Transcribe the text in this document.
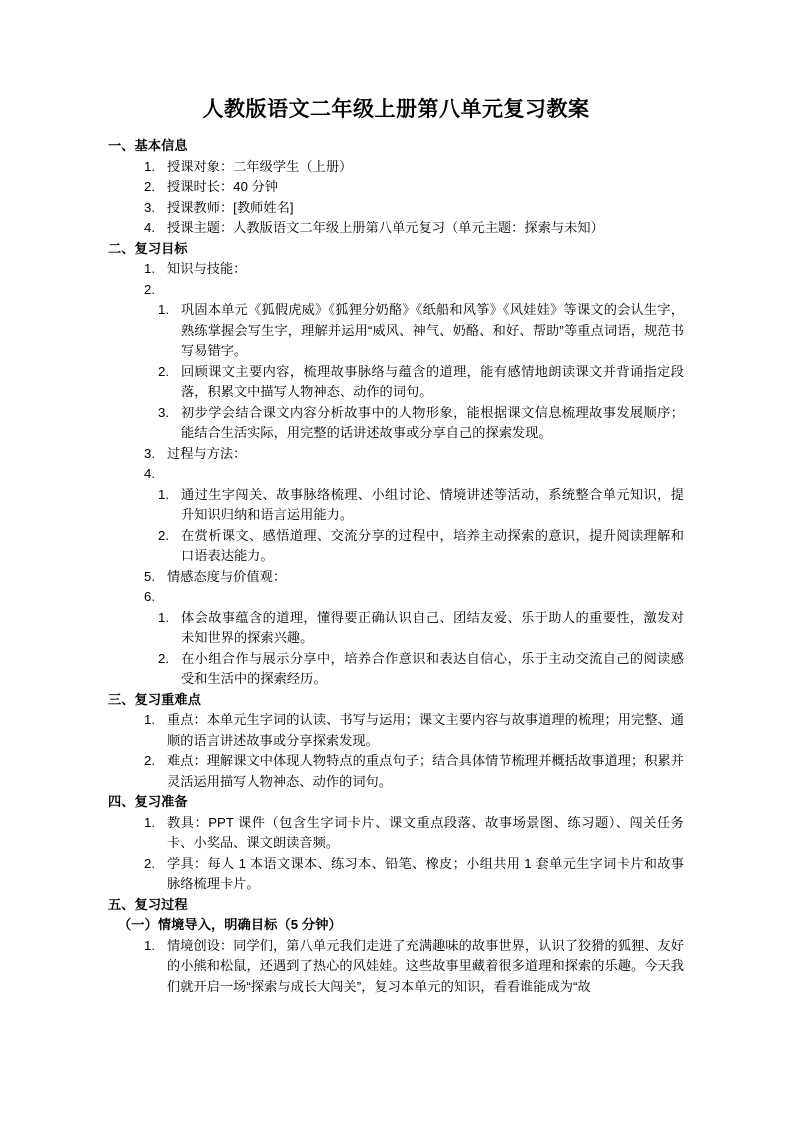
人教版语文二年级上册第八单元复习教案
一、基本信息
1. 授课对象：二年级学生（上册）
2. 授课时长：40 分钟
3. 授课教师：[教师姓名]
4. 授课主题：人教版语文二年级上册第八单元复习（单元主题：探索与未知）
二、复习目标
1. 知识与技能：
2.
1. 巩固本单元《狐假虎威》《狐狸分奶酪》《纸船和风筝》《风娃娃》等课文的会认生字，熟练掌握会写生字，理解并运用“威风、神气、奶酪、和好、帮助”等重点词语，规范书写易错字。
2. 回顾课文主要内容，梳理故事脉络与蕴含的道理，能有感情地朗读课文并背诵指定段落，积累文中描写人物神态、动作的词句。
3. 初步学会结合课文内容分析故事中的人物形象，能根据课文信息梳理故事发展顺序；能结合生活实际，用完整的话讲述故事或分享自己的探索发现。
3. 过程与方法：
4.
1. 通过生字闯关、故事脉络梳理、小组讨论、情境讲述等活动，系统整合单元知识，提升知识归纳和语言运用能力。
2. 在赏析课文、感悟道理、交流分享的过程中，培养主动探索的意识，提升阅读理解和口语表达能力。
5. 情感态度与价值观：
6.
1. 体会故事蕴含的道理，懂得要正确认识自己、团结友爱、乐于助人的重要性，激发对未知世界的探索兴趣。
2. 在小组合作与展示分享中，培养合作意识和表达自信心，乐于主动交流自己的阅读感受和生活中的探索经历。
三、复习重难点
1. 重点：本单元生字词的认读、书写与运用；课文主要内容与故事道理的梳理；用完整、通顺的语言讲述故事或分享探索发现。
2. 难点：理解课文中体现人物特点的重点句子；结合具体情节梳理并概括故事道理；积累并灵活运用描写人物神态、动作的词句。
四、复习准备
1. 教具：PPT 课件（包含生字词卡片、课文重点段落、故事场景图、练习题）、闯关任务卡、小奖品、课文朗读音频。
2. 学具：每人 1 本语文课本、练习本、铅笔、橡皮；小组共用 1 套单元生字词卡片和故事脉络梳理卡片。
五、复习过程
（一）情境导入，明确目标（5 分钟）
1. 情境创设：同学们，第八单元我们走进了充满趣味的故事世界，认识了狡猾的狐狸、友好的小熊和松鼠，还遇到了热心的风娃娃。这些故事里藏着很多道理和探索的乐趣。今天我们就开启一场“探索与成长大闯关”，复习本单元的知识，看看谁能成为“故
